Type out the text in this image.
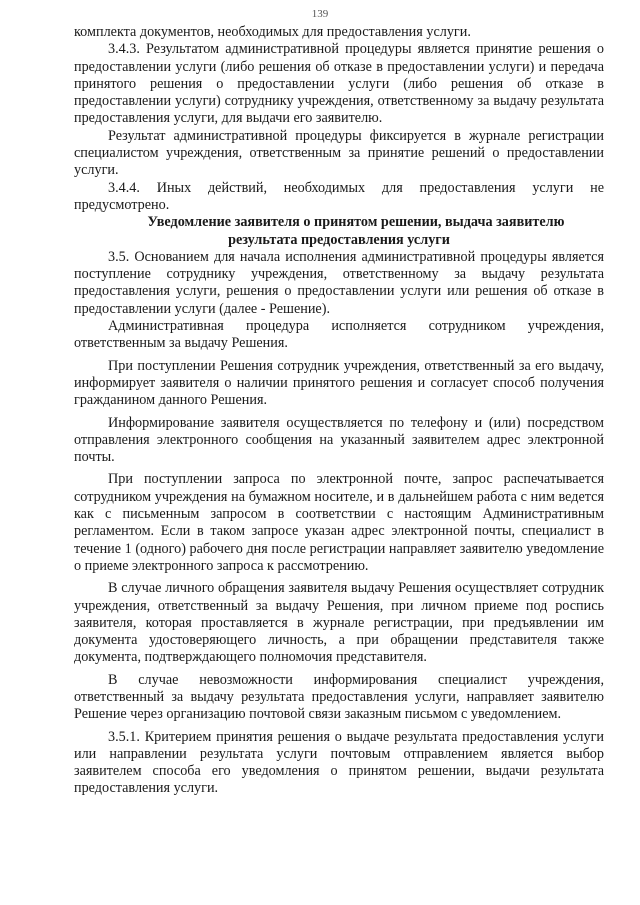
139

комплекта документов, необходимых для предоставления услуги.

3.4.3. Результатом административной процедуры является принятие решения о предоставлении услуги (либо решения об отказе в предоставлении услуги) и передача принятого решения о предоставлении услуги (либо решения об отказе в предоставлении услуги) сотруднику учреждения, ответственному за выдачу результата предоставления услуги, для выдачи его заявителю.

Результат административной процедуры фиксируется в журнале регистрации специалистом учреждения, ответственным за принятие решений о предоставлении услуги.

3.4.4. Иных действий, необходимых для предоставления услуги не предусмотрено.

Уведомление заявителя о принятом решении, выдача заявителю результата предоставления услуги

3.5. Основанием для начала исполнения административной процедуры является поступление сотруднику учреждения, ответственному за выдачу результата предоставления услуги, решения о предоставлении услуги или решения об отказе в предоставлении услуги (далее - Решение).

Административная процедура исполняется сотрудником учреждения, ответственным за выдачу Решения.

При поступлении Решения сотрудник учреждения, ответственный за его выдачу, информирует заявителя о наличии принятого решения и согласует способ получения гражданином данного Решения.

Информирование заявителя осуществляется по телефону и (или) посредством отправления электронного сообщения на указанный заявителем адрес электронной почты.

При поступлении запроса по электронной почте, запрос распечатывается сотрудником учреждения на бумажном носителе, и в дальнейшем работа с ним ведется как с письменным запросом в соответствии с настоящим Административным регламентом. Если в таком запросе указан адрес электронной почты, специалист в течение 1 (одного) рабочего дня после регистрации направляет заявителю уведомление о приеме электронного запроса к рассмотрению.

В случае личного обращения заявителя выдачу Решения осуществляет сотрудник учреждения, ответственный за выдачу Решения, при личном приеме под роспись заявителя, которая проставляется в журнале регистрации, при предъявлении им документа удостоверяющего личность, а при обращении представителя также документа, подтверждающего полномочия представителя.

В случае невозможности информирования специалист учреждения, ответственный за выдачу результата предоставления услуги, направляет заявителю Решение через организацию почтовой связи заказным письмом с уведомлением.

3.5.1. Критерием принятия решения о выдаче результата предоставления услуги или направлении результата услуги почтовым отправлением является выбор заявителем способа его уведомления о принятом решении, выдачи результата предоставления услуги.
